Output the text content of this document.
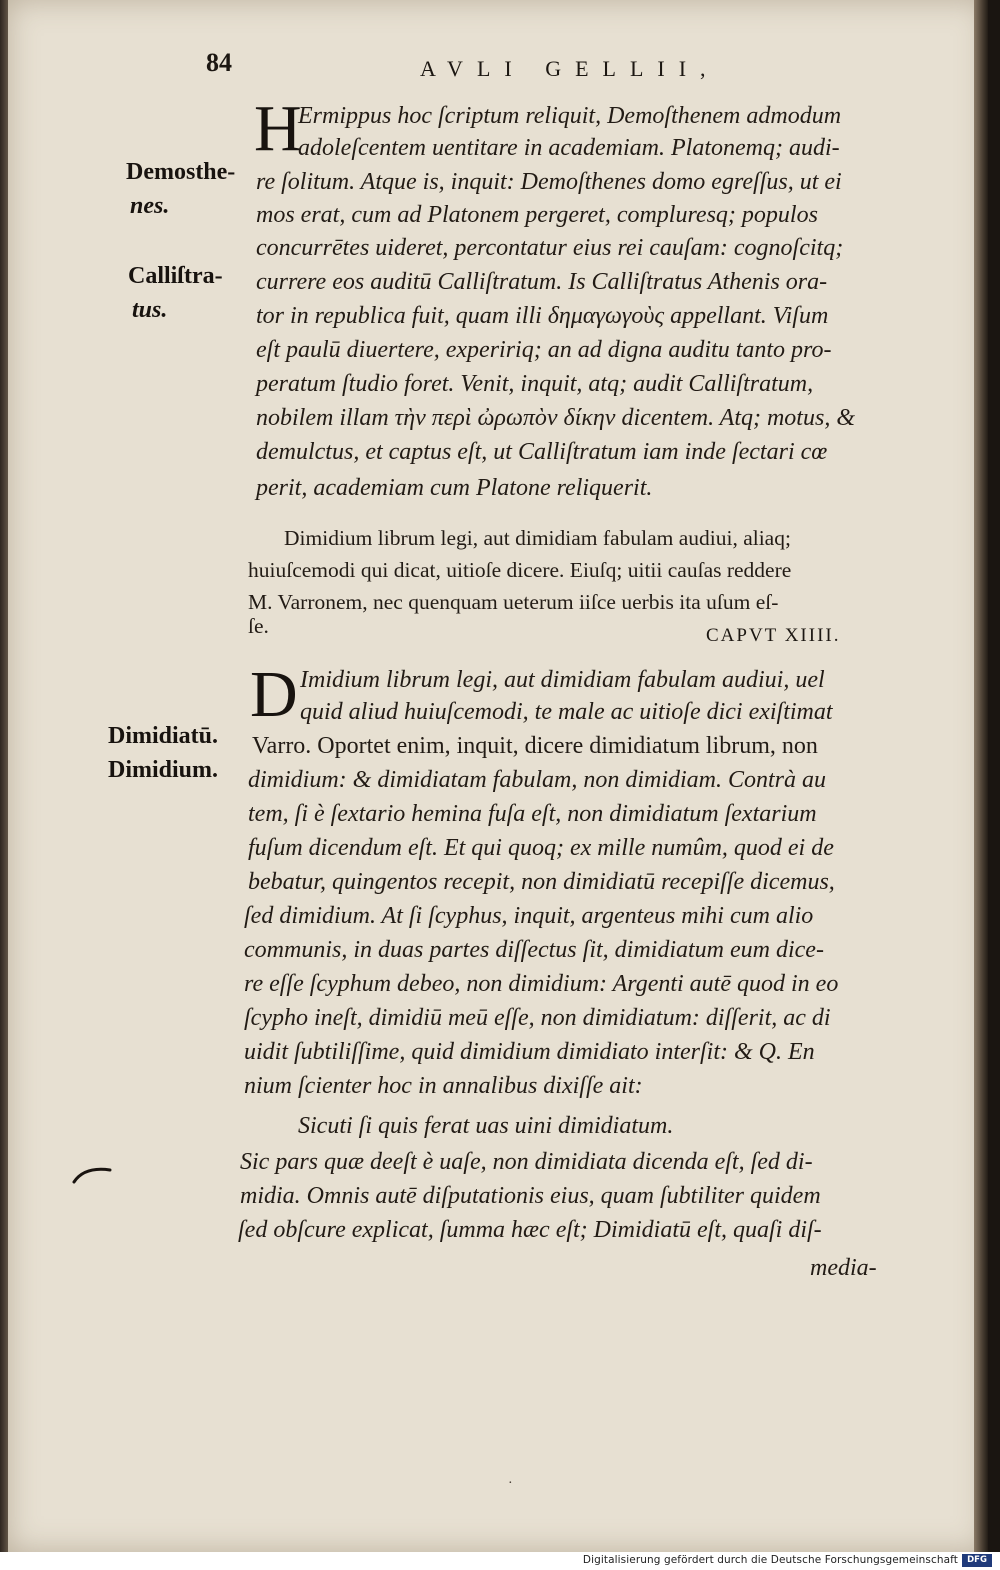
84	AVLI GELLII,
Demosthe-
nes.
Calliſtra-
tus.
Dimidiatū.
Dimidium.
H
Ermippus hoc ſcriptum reliquit, Demoſthenem admodum
adoleſcentem uentitare in academiam. Platonemq; audi-
re ſolitum. Atque is, inquit: Demoſthenes domo egreſſus, ut ei
mos erat, cum ad Platonem pergeret, compluresq; populos
concurrētes uideret, percontatur eius rei cauſam: cognoſcitq;
currere eos auditū Calliſtratum. Is Calliſtratus Athenis ora-
tor in republica fuit, quam illi δημαγωγοὺς appellant. Viſum
eſt paulū diuertere, expeririq; an ad digna auditu tanto pro-
peratum ſtudio foret. Venit, inquit, atq; audit Calliſtratum,
nobilem illam τὴν περὶ ὠρωπὸν δίκην dicentem. Atq; motus, &
demulctus, et captus eſt, ut Calliſtratum iam inde ſectari cœ
perit, academiam cum Platone reliquerit.
Dimidium librum legi, aut dimidiam fabulam audiui, aliaq;
huiuſcemodi qui dicat, uitioſe dicere. Eiuſq; uitii cauſas reddere
M. Varronem, nec quenquam ueterum iiſce uerbis ita uſum eſ-
ſe.	CAPVT XIIII.
D Imidium librum legi, aut dimidiam fabulam audiui, uel
quid aliud huiuſcemodi, te male ac uitioſe dici exiſtimat
Varro. Oportet enim, inquit, dicere dimidiatum librum, non
dimidium: & dimidiatam fabulam, non dimidiam. Contrà au
tem, ſi è ſextario hemina fuſa eſt, non dimidiatum ſextarium
fuſum dicendum eſt. Et qui quoq; ex mille numûm, quod ei de
bebatur, quingentos recepit, non dimidiatū recepiſſe dicemus,
ſed dimidium. At ſi ſcyphus, inquit, argenteus mihi cum alio
communis, in duas partes diſſectus ſit, dimidiatum eum dice-
re eſſe ſcyphum debeo, non dimidium: Argenti autē quod in eo
ſcypho ineſt, dimidiū meū eſſe, non dimidiatum: diſſerit, ac di
uidit ſubtiliſſime, quid dimidium dimidiato interſit: & Q. En
nium ſcienter hoc in annalibus dixiſſe ait:
Sicuti ſi quis ferat uas uini dimidiatum.
Sic pars quæ deeſt è uaſe, non dimidiata dicenda eſt, ſed di-
midia. Omnis autē diſputationis eius, quam ſubtiliter quidem
ſed obſcure explicat, ſumma hæc eſt; Dimidiatū eſt, quaſi diſ-
media-
·
Digitalisierung gefördert durch die Deutsche Forschungsgemeinschaft	DFG
